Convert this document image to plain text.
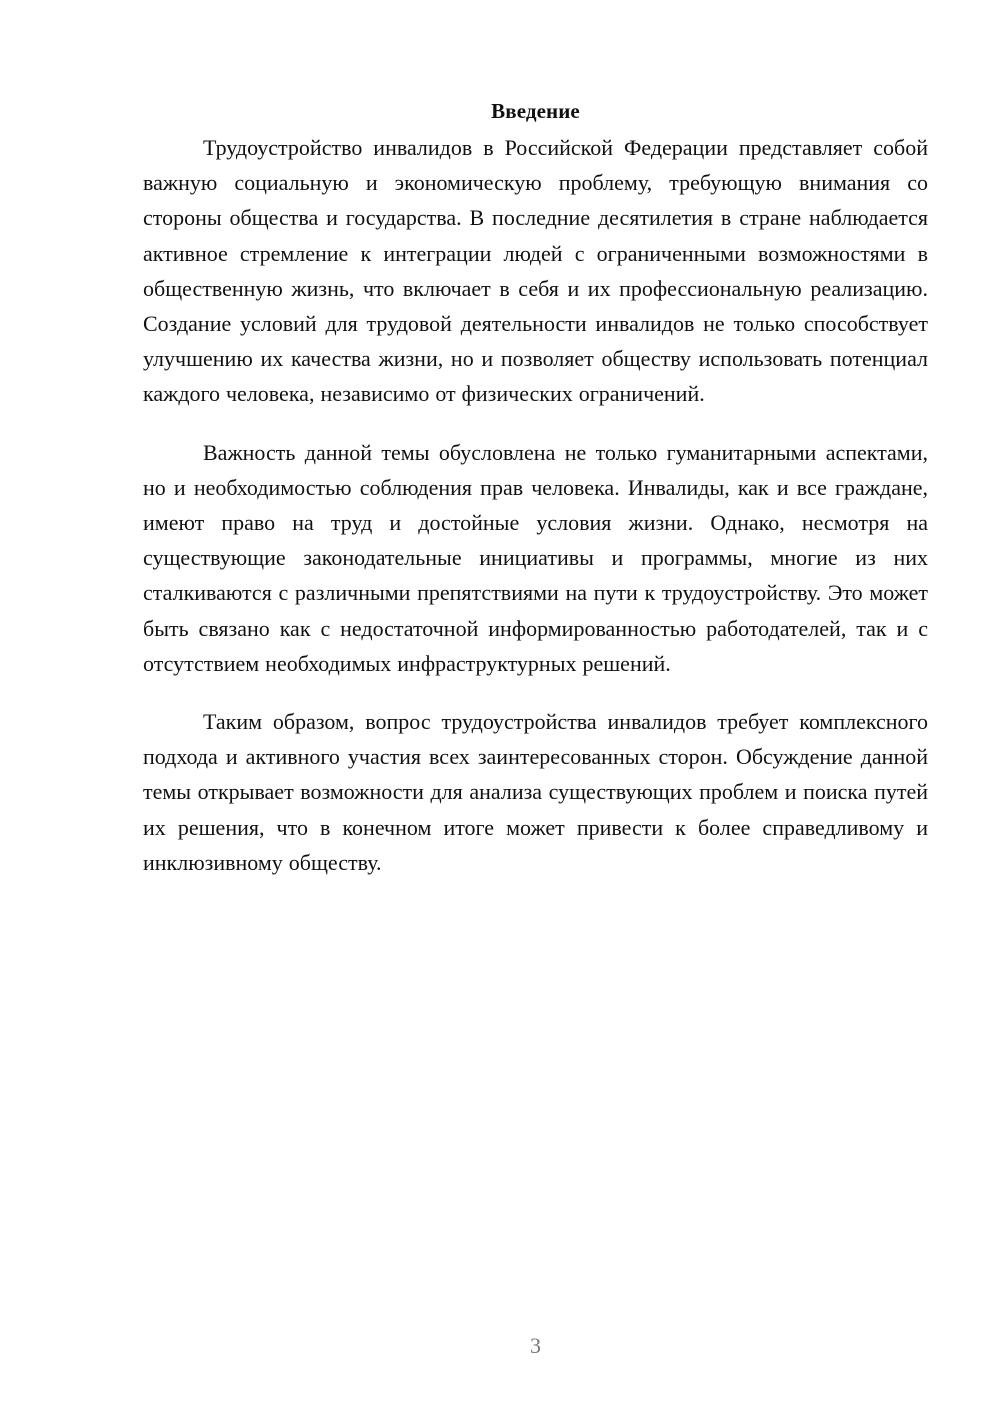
Введение

Трудоустройство инвалидов в Российской Федерации представляет собой важную социальную и экономическую проблему, требующую внимания со стороны общества и государства. В последние десятилетия в стране наблюдается активное стремление к интеграции людей с ограниченными возможностями в общественную жизнь, что включает в себя и их профессиональную реализацию. Создание условий для трудовой деятельности инвалидов не только способствует улучшению их качества жизни, но и позволяет обществу использовать потенциал каждого человека, независимо от физических ограничений.

Важность данной темы обусловлена не только гуманитарными аспектами, но и необходимостью соблюдения прав человека. Инвалиды, как и все граждане, имеют право на труд и достойные условия жизни. Однако, несмотря на существующие законодательные инициативы и программы, многие из них сталкиваются с различными препятствиями на пути к трудоустройству. Это может быть связано как с недостаточной информированностью работодателей, так и с отсутствием необходимых инфраструктурных решений.

Таким образом, вопрос трудоустройства инвалидов требует комплексного подхода и активного участия всех заинтересованных сторон. Обсуждение данной темы открывает возможности для анализа существующих проблем и поиска путей их решения, что в конечном итоге может привести к более справедливому и инклюзивному обществу.

3
